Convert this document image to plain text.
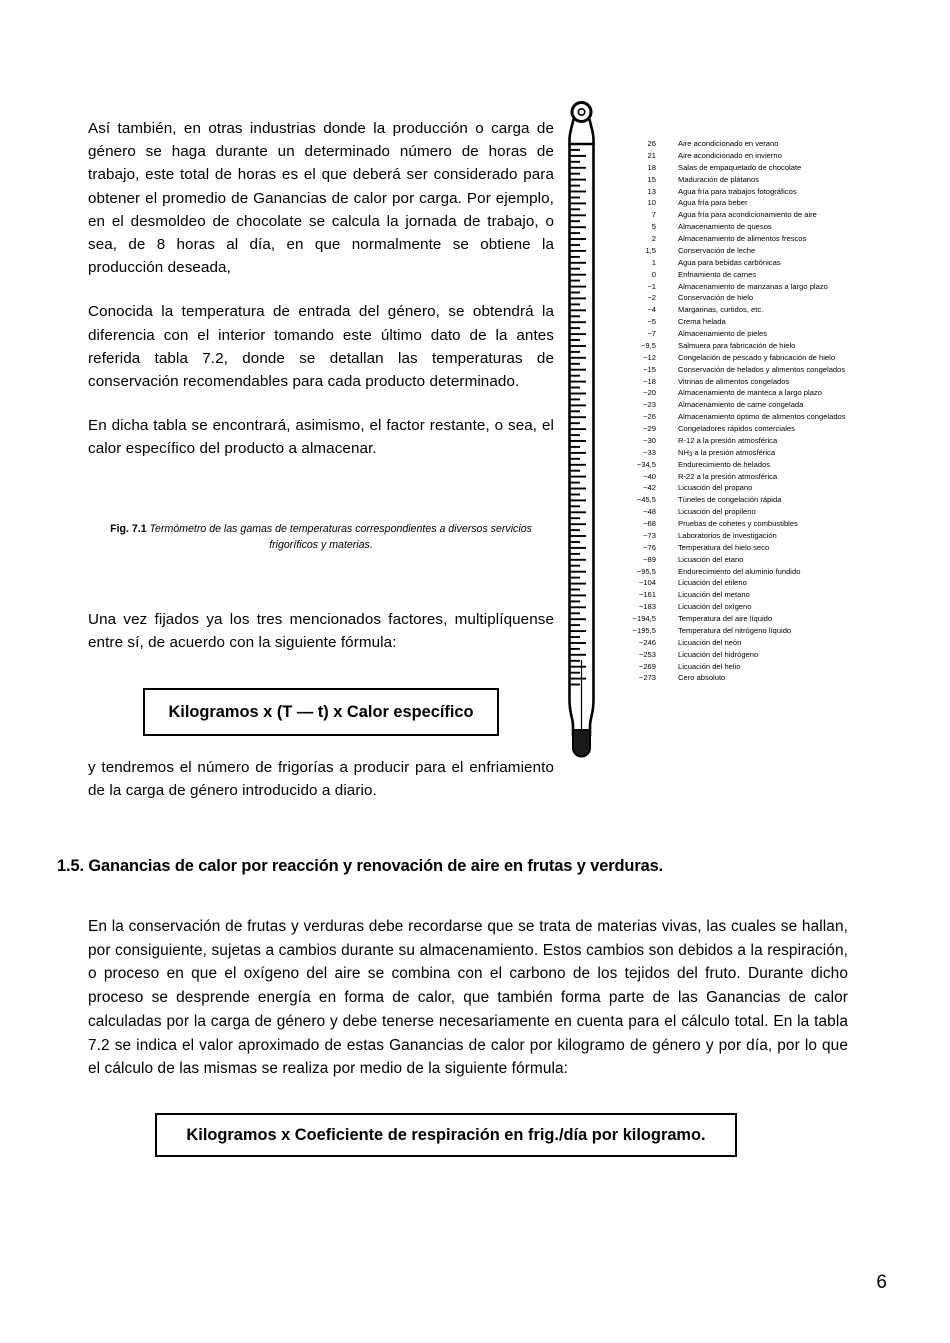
Así también, en otras industrias donde la producción o carga de género se haga durante un determinado número de horas de trabajo, este total de horas es el que deberá ser considerado para obtener el promedio de Ganancias de calor por carga. Por ejemplo, en el desmoldeo de chocolate se calcula la jornada de trabajo, o sea, de 8 horas al día, en que normalmente se obtiene la producción deseada,

Conocida la temperatura de entrada del género, se obtendrá la diferencia con el interior tomando este último dato de la antes referida tabla 7.2, donde se detallan las temperaturas de conservación recomendables para cada producto determinado.

En dicha tabla se encontrará, asimismo, el factor restante, o sea, el calor específico del producto a almacenar.

Fig. 7.1 Termómetro de las gamas de temperaturas correspondientes a diversos servicios frigoríficos y materias.

Una vez fijados ya los tres mencionados factores, multiplíquense entre sí, de acuerdo con la siguiente fórmula:

Kilogramos x (T — t) x Calor específico

y tendremos el número de frigorías a producir para el enfriamiento de la carga de género introducido a diario.

1.5. Ganancias de calor por reacción y renovación de aire en frutas y verduras.

En la conservación de frutas y verduras debe recordarse que se trata de materias vivas, las cuales se hallan, por consiguiente, sujetas a cambios durante su almacenamiento. Estos cambios son debidos a la respiración, o proceso en que el oxígeno del aire se combina con el carbono de los tejidos del fruto. Durante dicho proceso se desprende energía en forma de calor, que también forma parte de las Ganancias de calor calculadas por la carga de género y debe tenerse necesariamente en cuenta para el cálculo total. En la tabla 7.2 se indica el valor aproximado de estas Ganancias de calor por kilogramo de género y por día, por lo que el cálculo de las mismas se realiza por medio de la siguiente fórmula:

Kilogramos x Coeficiente de respiración en frig./día por kilogramo.
6
26	Aire acondicionado en verano
21	Aire acondicionado en invierno
18	Salas de empaquetado de chocolate
15	Maduración de plátanos
13	Agua fría para trabajos fotográficos
10	Agua fría para beber
7	Agua fría para acondicionamiento de aire
5	Almacenamiento de quesos
2	Almacenamiento de alimentos frescos
1,5	Conservación de leche
1	Agua para bebidas carbónicas
0	Enfriamiento de carnes
−1	Almacenamiento de manzanas a largo plazo
−2	Conservación de hielo
−4	Margarinas, curtidos, etc.
−5	Crema helada
−7	Almacenamiento de pieles
−9,5	Salmuera para fabricación de hielo
−12	Congelación de pescado y fabricación de hielo
−15	Conservación de helados y alimentos congelados
−18	Vitrinas de alimentos congelados
−20	Almacenamiento de manteca a largo plazo
−23	Almacenamiento de carne congelada
−26	Almacenamiento óptimo de alimentos congelados
−29	Congeladores rápidos comerciales
−30	R-12 a la presión atmosférica
−33	$NH_3$ a la presión atmosférica
−34,5	Endurecimiento de helados
−40	R-22 a la presión atmosférica
−42	Licuación del propano
−45,5	Túneles de congelación rápida
−48	Licuación del propileno
−68	Pruebas de cohetes y combustibles
−73	Laboratorios de investigación
−76	Temperatura del hielo seco
−89	Licuación del etano
−95,5	Endurecimiento del aluminio fundido
−104	Licuación del etileno
−161	Licuación del metano
−183	Licuación del oxígeno
−194,5	Temperatura del aire líquido
−195,5	Temperatura del nitrógeno líquido
−246	Licuación del neón
−253	Licuación del hidrógeno
−269	Licuación del helio
−273	Cero absoluto
